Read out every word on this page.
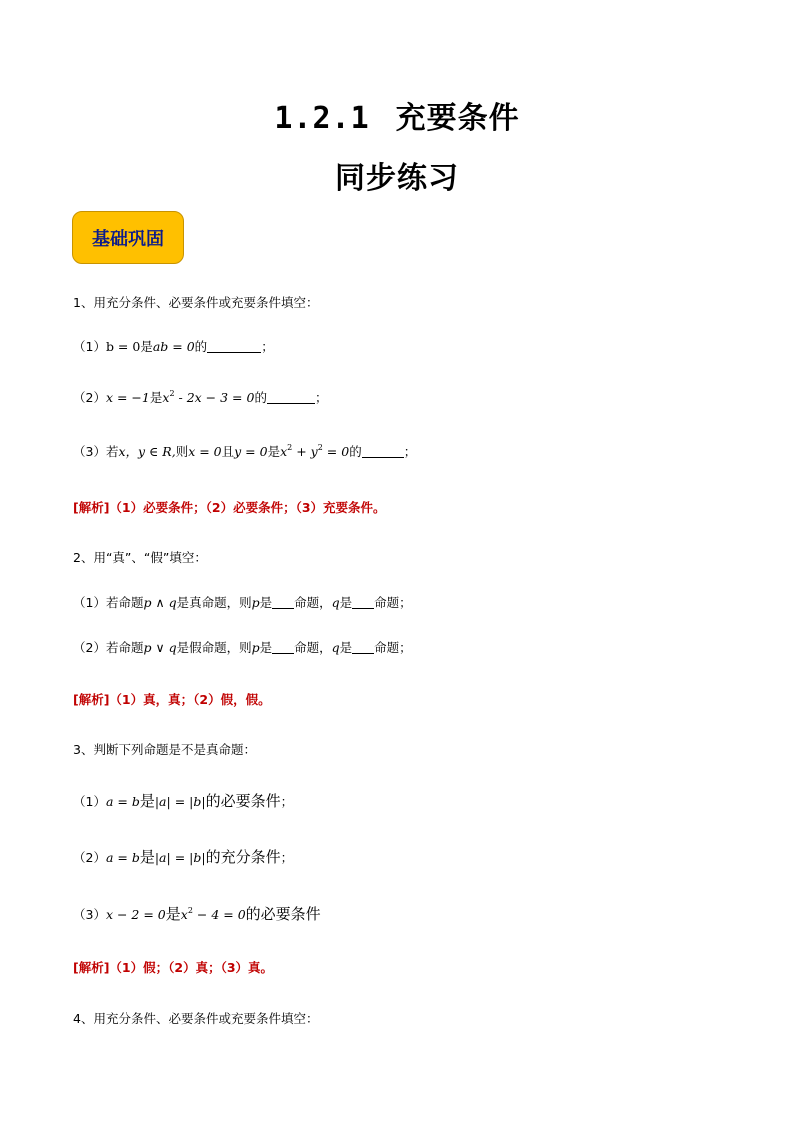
1.2.1 充要条件
同步练习
基础巩固
1、用充分条件、必要条件或充要条件填空：
（1）b = 0是ab = 0的	；
（2）x = −1是$x^2 - 2x - 3 = 0$的	；
（3）若x，y ∈ R,则x = 0且y = 0是$x^2 + y^2 = 0$的	；
[解析]（1）必要条件；（2）必要条件；（3）充要条件。
2、用“真”、“假”填空：
（1）若命题p ∧ q是真命题，则p是 命题，q是 命题；
（2）若命题p ∨ q是假命题，则p是 命题，q是 命题；
[解析]（1）真，真；（2）假，假。
3、判断下列命题是不是真命题：
（1）a = b是|a| = |b|的必要条件；
（2）a = b是|a| = |b|的充分条件；
（3）x − 2 = 0是$x^2 - 4 = 0$的必要条件
[解析]（1）假；（2）真；（3）真。
4、用充分条件、必要条件或充要条件填空：
